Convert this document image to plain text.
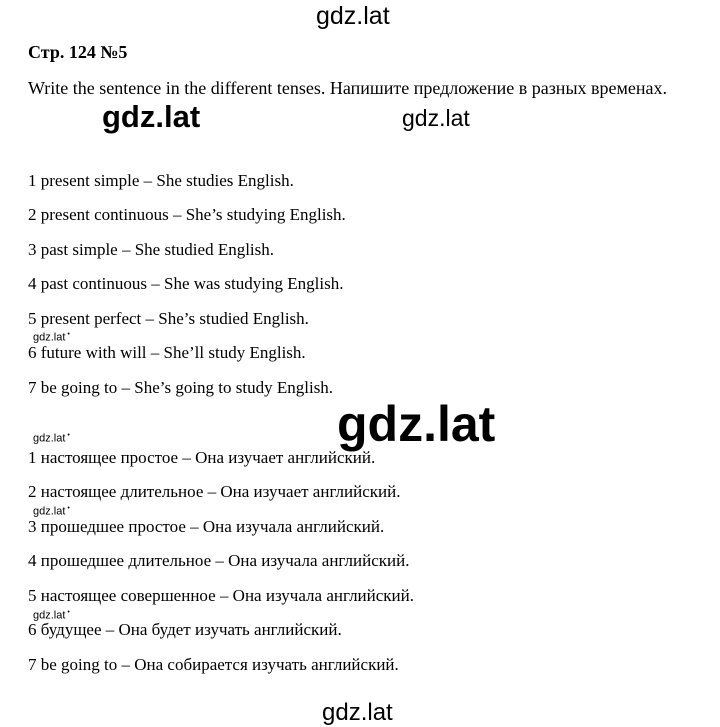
gdz.lat
Стр. 124 №5
Write the sentence in the different tenses. Напишите предложение в разных временах.
gdz.lat	gdz.lat
1 present simple – She studies English.
2 present continuous – She’s studying English.
3 past simple – She studied English.
4 past continuous – She was studying English.
5 present perfect – She’s studied English.
gdz.lat •
6 future with will – She’ll study English.
7 be going to – She’s going to study English.
gdz.lat
gdz.lat •
1 настоящее простое – Она изучает английский.
2 настоящее длительное – Она изучает английский.
gdz.lat •
3 прошедшее простое – Она изучала английский.
4 прошедшее длительное – Она изучала английский.
5 настоящее совершенное – Она изучала английский.
gdz.lat •
6 будущее – Она будет изучать английский.
7 be going to – Она собирается изучать английский.
gdz.lat
